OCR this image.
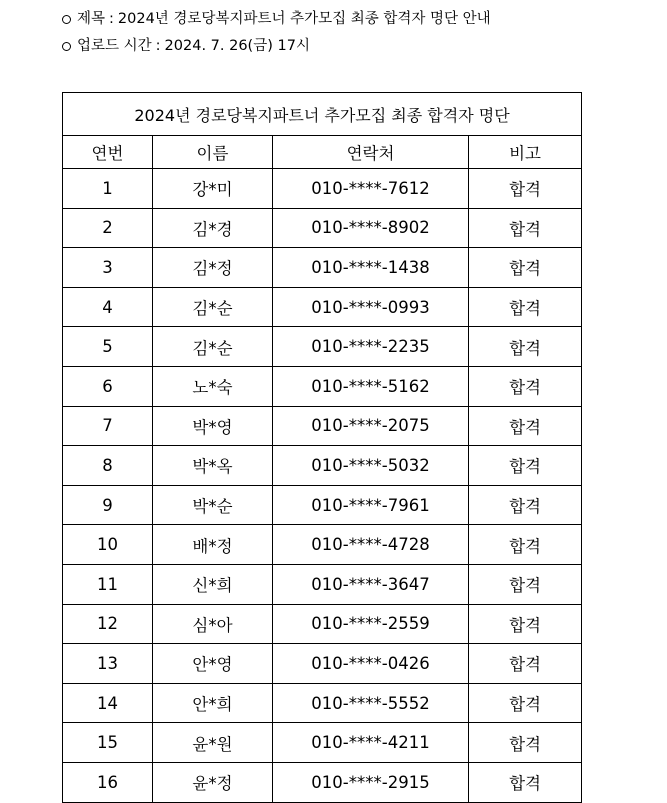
제목 : 2024년 경로당복지파트너 추가모집 최종 합격자 명단 안내
업로드 시간 : 2024. 7. 26(금) 17시
2024년 경로당복지파트너 추가모집 최종 합격자 명단			
연번	이름	연락처	비고
1	강*미	010-****-7612	합격
2	김*경	010-****-8902	합격
3	김*정	010-****-1438	합격
4	김*순	010-****-0993	합격
5	김*순	010-****-2235	합격
6	노*숙	010-****-5162	합격
7	박*영	010-****-2075	합격
8	박*옥	010-****-5032	합격
9	박*순	010-****-7961	합격
10	배*정	010-****-4728	합격
11	신*희	010-****-3647	합격
12	심*아	010-****-2559	합격
13	안*영	010-****-0426	합격
14	안*희	010-****-5552	합격
15	윤*원	010-****-4211	합격
16	윤*정	010-****-2915	합격
